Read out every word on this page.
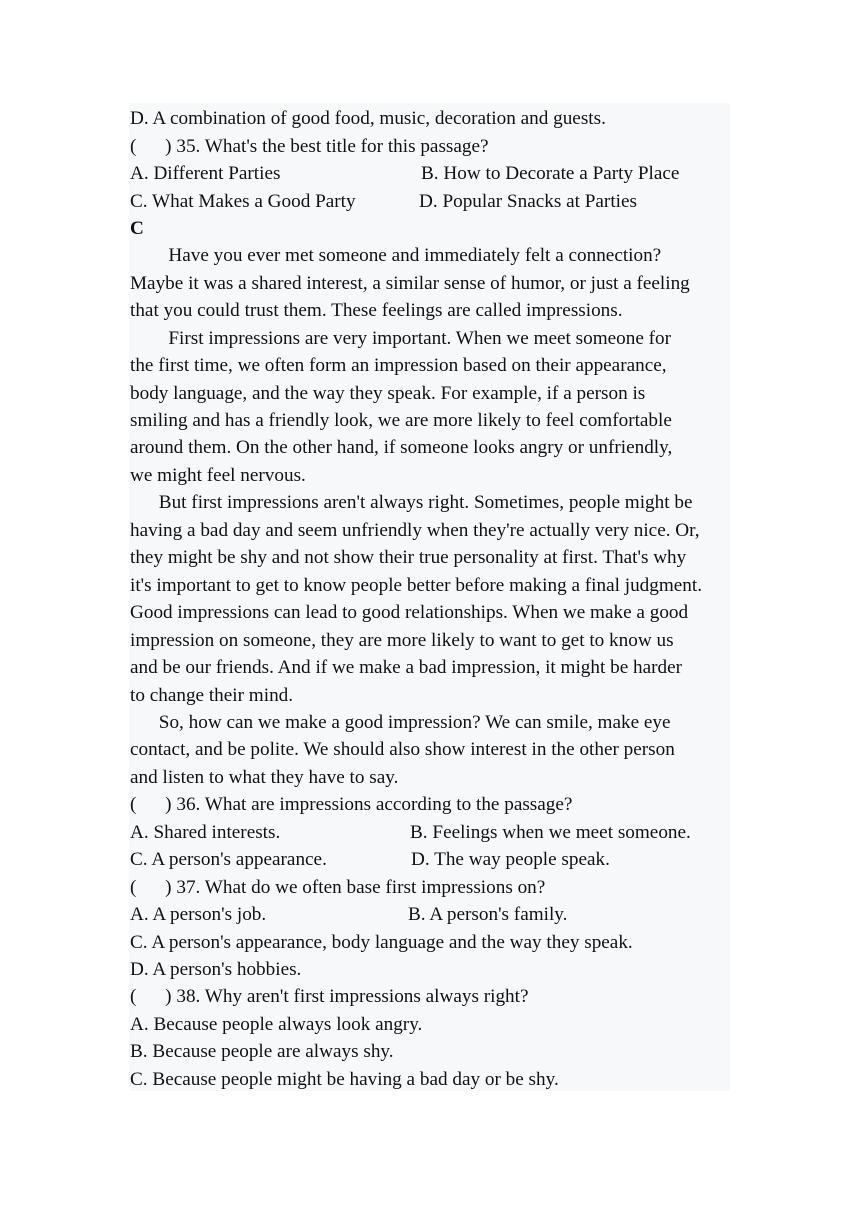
D. A combination of good food, music, decoration and guests.
(      ) 35. What's the best title for this passage?
A. Different Parties	B. How to Decorate a Party Place
C. What Makes a Good Party	D. Popular Snacks at Parties
C
Have you ever met someone and immediately felt a connection?
Maybe it was a shared interest, a similar sense of humor, or just a feeling
that you could trust them. These feelings are called impressions.
First impressions are very important. When we meet someone for
the first time, we often form an impression based on their appearance,
body language, and the way they speak. For example, if a person is
smiling and has a friendly look, we are more likely to feel comfortable
around them. On the other hand, if someone looks angry or unfriendly,
we might feel nervous.
But first impressions aren't always right. Sometimes, people might be
having a bad day and seem unfriendly when they're actually very nice. Or,
they might be shy and not show their true personality at first. That's why
it's important to get to know people better before making a final judgment.
Good impressions can lead to good relationships. When we make a good
impression on someone, they are more likely to want to get to know us
and be our friends. And if we make a bad impression, it might be harder
to change their mind.
So, how can we make a good impression? We can smile, make eye
contact, and be polite. We should also show interest in the other person
and listen to what they have to say.
(      ) 36. What are impressions according to the passage?
A. Shared interests.	B. Feelings when we meet someone.
C. A person's appearance.	D. The way people speak.
(      ) 37. What do we often base first impressions on?
A. A person's job.	B. A person's family.
C. A person's appearance, body language and the way they speak.
D. A person's hobbies.
(      ) 38. Why aren't first impressions always right?
A. Because people always look angry.
B. Because people are always shy.
C. Because people might be having a bad day or be shy.
